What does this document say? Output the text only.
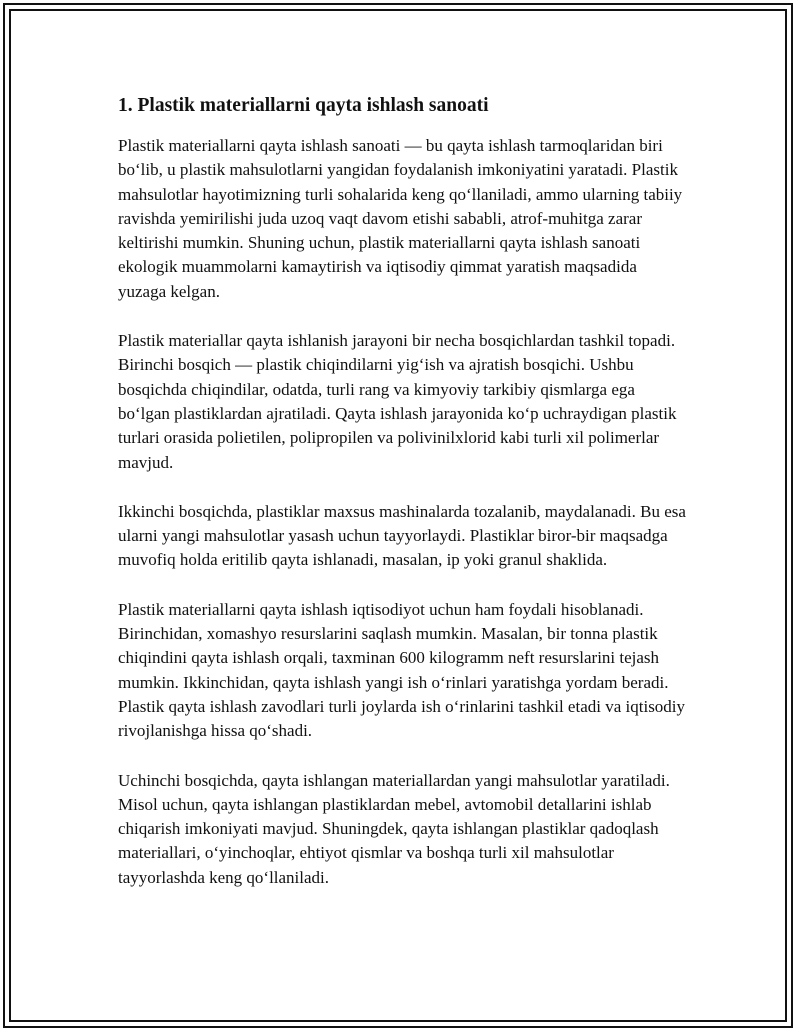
1. Plastik materiallarni qayta ishlash sanoati

Plastik materiallarni qayta ishlash sanoati — bu qayta ishlash tarmoqlaridan biri bo‘lib, u plastik mahsulotlarni yangidan foydalanish imkoniyatini yaratadi. Plastik mahsulotlar hayotimizning turli sohalarida keng qo‘llaniladi, ammo ularning tabiiy ravishda yemirilishi juda uzoq vaqt davom etishi sababli, atrof-muhitga zarar keltirishi mumkin. Shuning uchun, plastik materiallarni qayta ishlash sanoati ekologik muammolarni kamaytirish va iqtisodiy qimmat yaratish maqsadida yuzaga kelgan.

Plastik materiallar qayta ishlanish jarayoni bir necha bosqichlardan tashkil topadi. Birinchi bosqich — plastik chiqindilarni yig‘ish va ajratish bosqichi. Ushbu bosqichda chiqindilar, odatda, turli rang va kimyoviy tarkibiy qismlarga ega bo‘lgan plastiklardan ajratiladi. Qayta ishlash jarayonida ko‘p uchraydigan plastik turlari orasida polietilen, polipropilen va polivinilxlorid kabi turli xil polimerlar mavjud.

Ikkinchi bosqichda, plastiklar maxsus mashinalarda tozalanib, maydalanadi. Bu esa ularni yangi mahsulotlar yasash uchun tayyorlaydi. Plastiklar biror-bir maqsadga muvofiq holda eritilib qayta ishlanadi, masalan, ip yoki granul shaklida.

Plastik materiallarni qayta ishlash iqtisodiyot uchun ham foydali hisoblanadi. Birinchidan, xomashyo resurslarini saqlash mumkin. Masalan, bir tonna plastik chiqindini qayta ishlash orqali, taxminan 600 kilogramm neft resurslarini tejash mumkin. Ikkinchidan, qayta ishlash yangi ish o‘rinlari yaratishga yordam beradi. Plastik qayta ishlash zavodlari turli joylarda ish o‘rinlarini tashkil etadi va iqtisodiy rivojlanishga hissa qo‘shadi.

Uchinchi bosqichda, qayta ishlangan materiallardan yangi mahsulotlar yaratiladi. Misol uchun, qayta ishlangan plastiklardan mebel, avtomobil detallarini ishlab chiqarish imkoniyati mavjud. Shuningdek, qayta ishlangan plastiklar qadoqlash materiallari, o‘yinchoqlar, ehtiyot qismlar va boshqa turli xil mahsulotlar tayyorlashda keng qo‘llaniladi.
